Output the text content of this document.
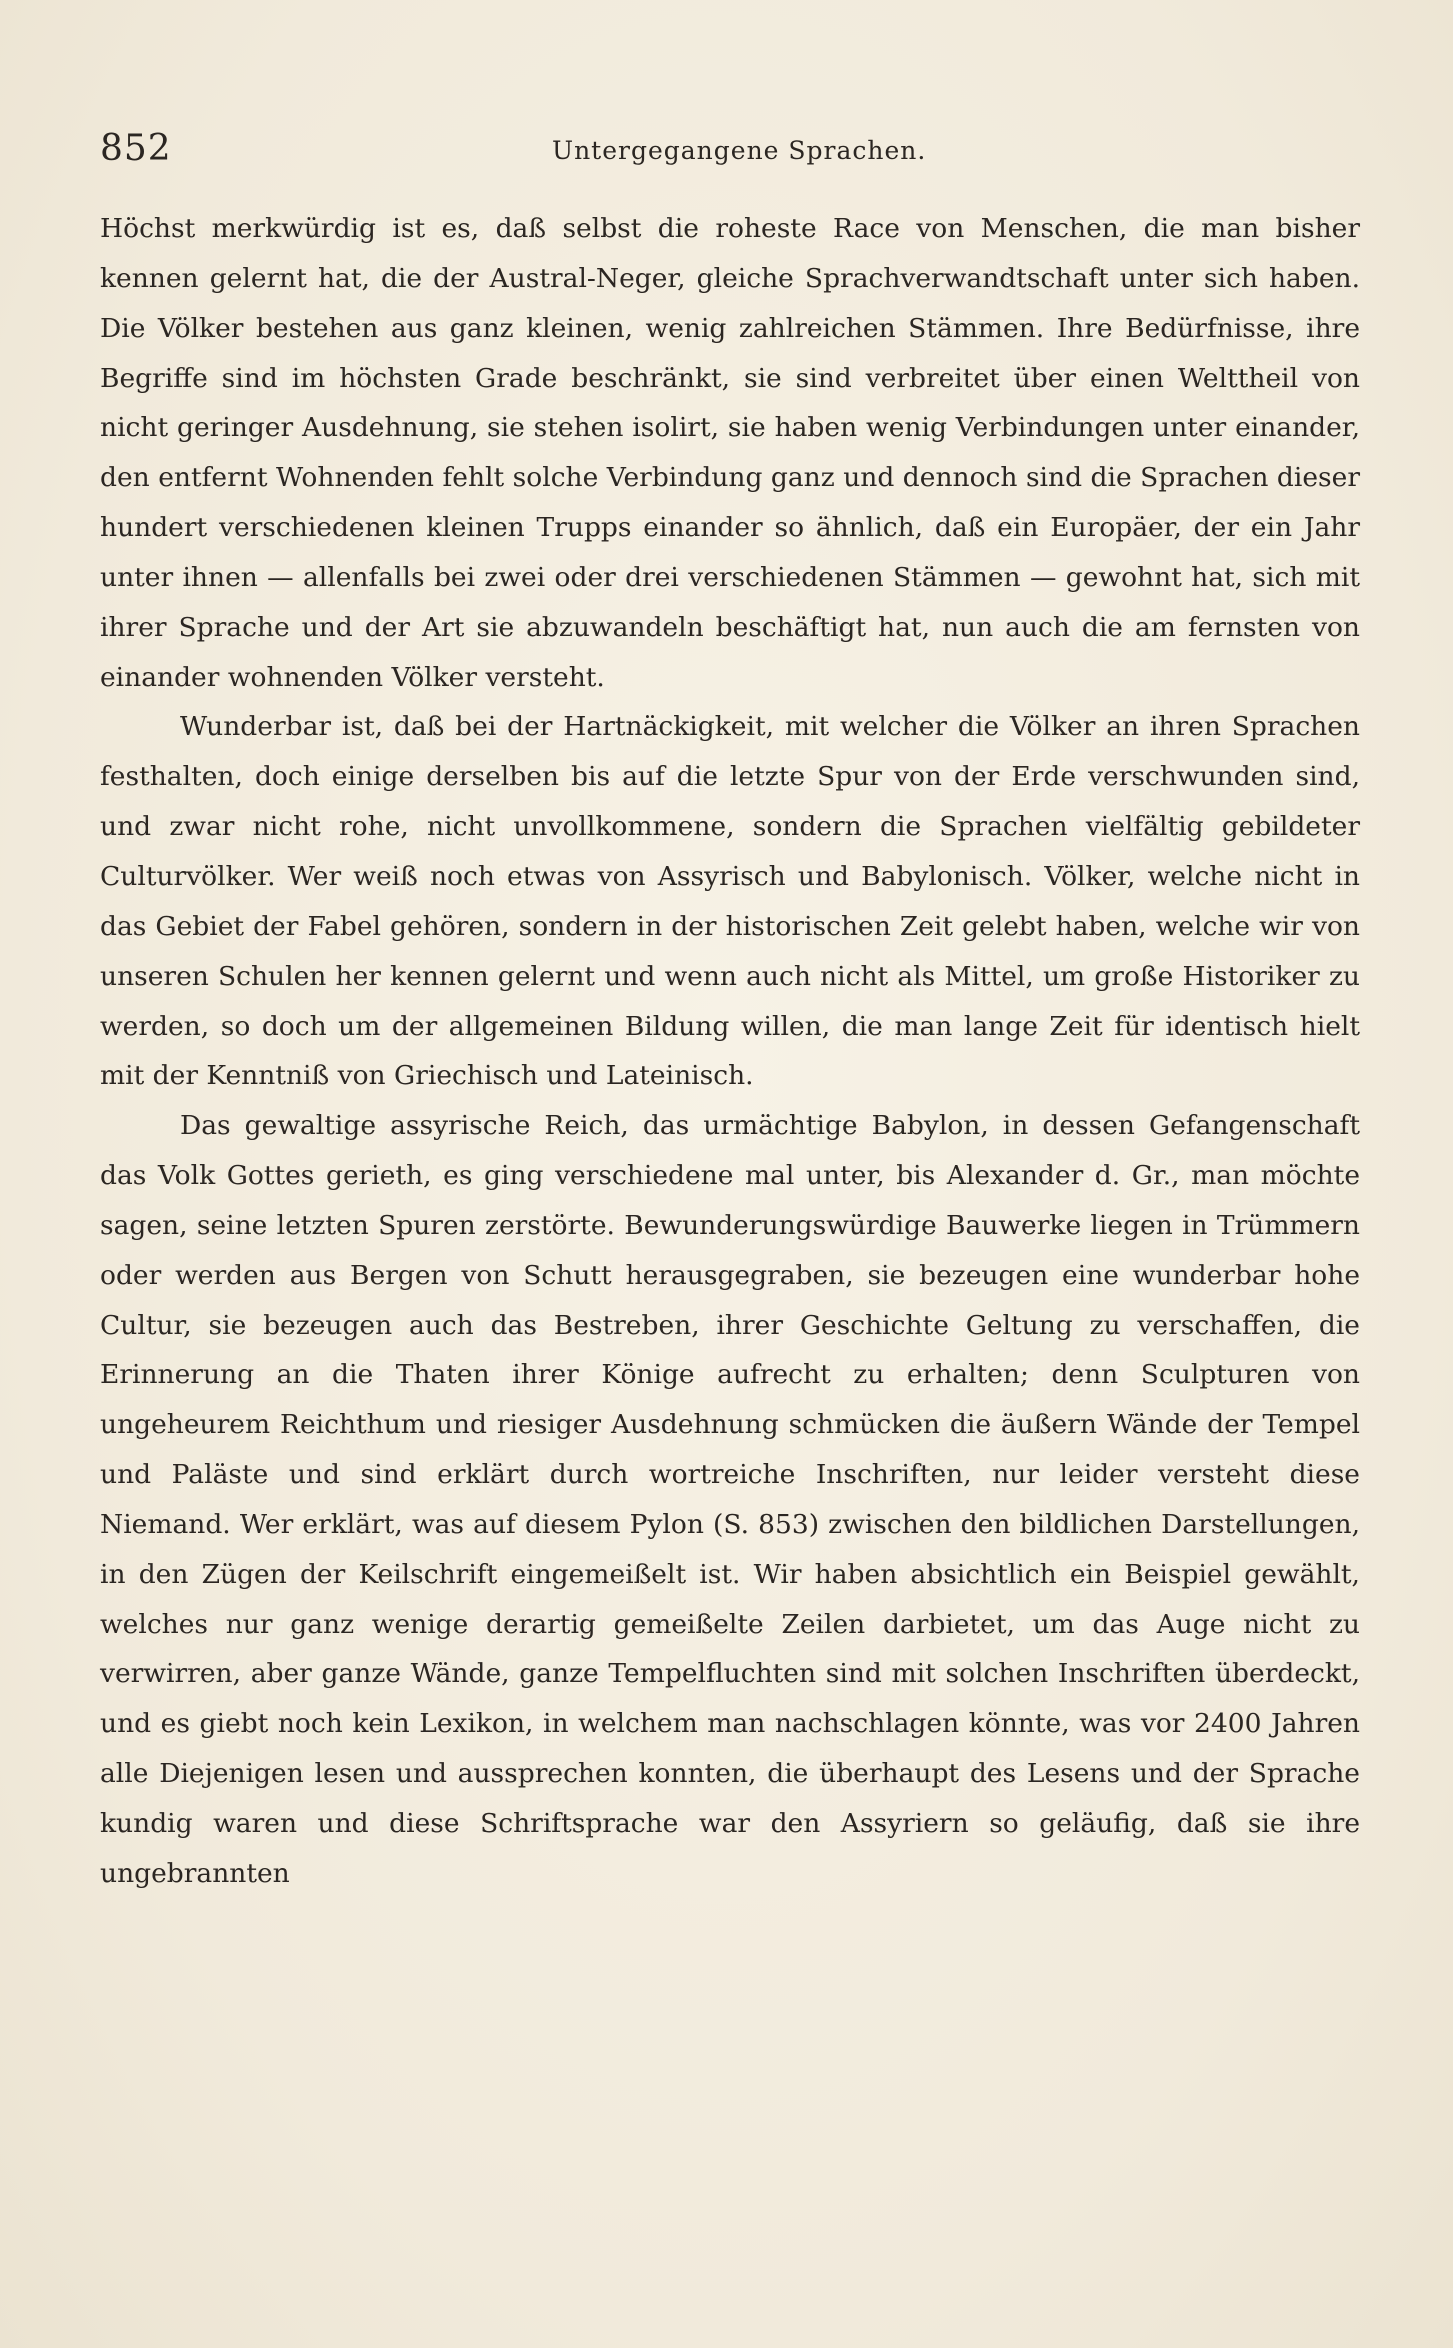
852	Untergegangene Sprachen.

Höchst merkwürdig ist es, daß selbst die roheste Race von Menschen, die man bisher kennen gelernt hat, die der Austral-Neger, gleiche Sprachverwandtschaft unter sich haben. Die Völker bestehen aus ganz kleinen, wenig zahlreichen Stämmen. Ihre Bedürfnisse, ihre Begriffe sind im höchsten Grade beschränkt, sie sind verbreitet über einen Welttheil von nicht geringer Ausdehnung, sie stehen isolirt, sie haben wenig Verbindungen unter einander, den entfernt Wohnenden fehlt solche Verbindung ganz und dennoch sind die Sprachen dieser hundert verschiedenen kleinen Trupps einander so ähnlich, daß ein Europäer, der ein Jahr unter ihnen — allenfalls bei zwei oder drei verschiedenen Stämmen — gewohnt hat, sich mit ihrer Sprache und der Art sie abzuwandeln beschäftigt hat, nun auch die am fernsten von einander wohnenden Völker versteht.

Wunderbar ist, daß bei der Hartnäckigkeit, mit welcher die Völker an ihren Sprachen festhalten, doch einige derselben bis auf die letzte Spur von der Erde verschwunden sind, und zwar nicht rohe, nicht unvollkommene, sondern die Sprachen vielfältig gebildeter Culturvölker. Wer weiß noch etwas von Assyrisch und Babylonisch. Völker, welche nicht in das Gebiet der Fabel gehören, sondern in der historischen Zeit gelebt haben, welche wir von unseren Schulen her kennen gelernt und wenn auch nicht als Mittel, um große Historiker zu werden, so doch um der allgemeinen Bildung willen, die man lange Zeit für identisch hielt mit der Kenntniß von Griechisch und Lateinisch.

Das gewaltige assyrische Reich, das urmächtige Babylon, in dessen Gefangenschaft das Volk Gottes gerieth, es ging verschiedene mal unter, bis Alexander d. Gr., man möchte sagen, seine letzten Spuren zerstörte. Bewunderungswürdige Bauwerke liegen in Trümmern oder werden aus Bergen von Schutt herausgegraben, sie bezeugen eine wunderbar hohe Cultur, sie bezeugen auch das Bestreben, ihrer Geschichte Geltung zu verschaffen, die Erinnerung an die Thaten ihrer Könige aufrecht zu erhalten; denn Sculpturen von ungeheurem Reichthum und riesiger Ausdehnung schmücken die äußern Wände der Tempel und Paläste und sind erklärt durch wortreiche Inschriften, nur leider versteht diese Niemand. Wer erklärt, was auf diesem Pylon (S. 853) zwischen den bildlichen Darstellungen, in den Zügen der Keilschrift eingemeißelt ist. Wir haben absichtlich ein Beispiel gewählt, welches nur ganz wenige derartig gemeißelte Zeilen darbietet, um das Auge nicht zu verwirren, aber ganze Wände, ganze Tempelfluchten sind mit solchen Inschriften überdeckt, und es giebt noch kein Lexikon, in welchem man nachschlagen könnte, was vor 2400 Jahren alle Diejenigen lesen und aussprechen konnten, die überhaupt des Lesens und der Sprache kundig waren und diese Schriftsprache war den Assyriern so geläufig, daß sie ihre ungebrannten
